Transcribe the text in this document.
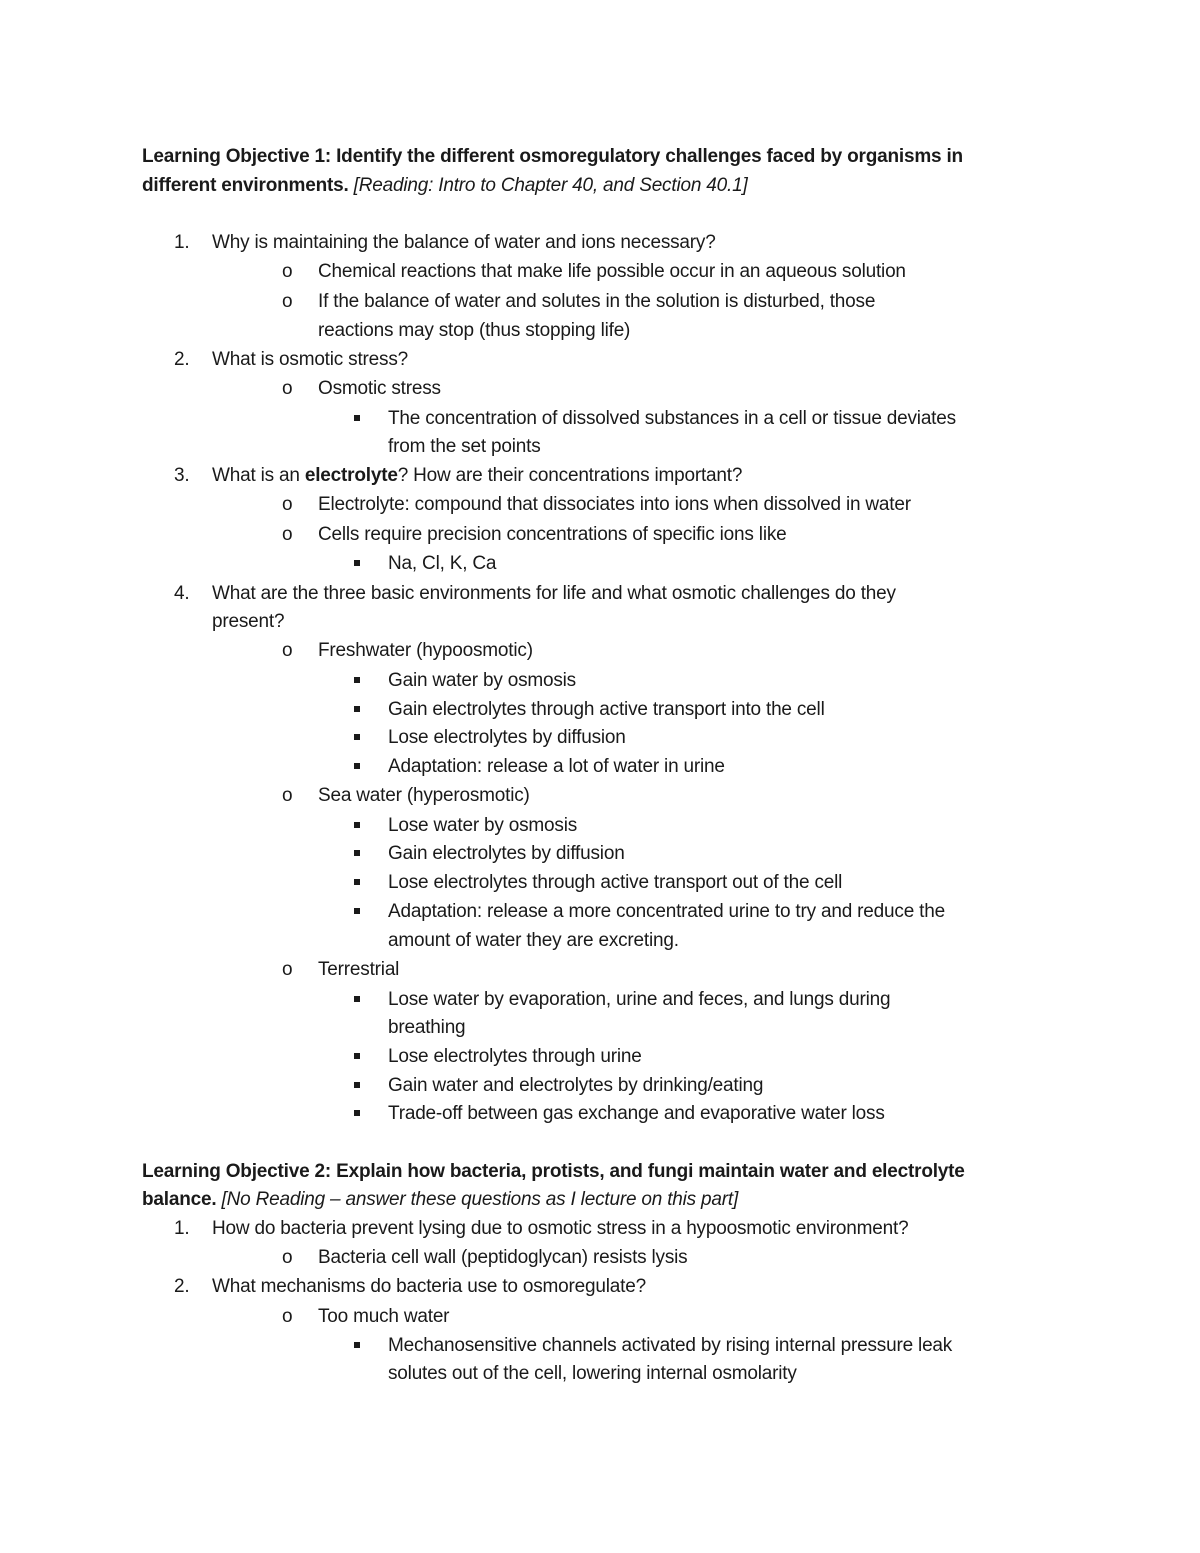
Learning Objective 1: Identify the different osmoregulatory challenges faced by organisms in
different environments. [Reading: Intro to Chapter 40, and Section 40.1]
1. Why is maintaining the balance of water and ions necessary?
o Chemical reactions that make life possible occur in an aqueous solution
o If the balance of water and solutes in the solution is disturbed, those
reactions may stop (thus stopping life)
2. What is osmotic stress?
o Osmotic stress
The concentration of dissolved substances in a cell or tissue deviates
from the set points
3. What is an electrolyte? How are their concentrations important?
o Electrolyte: compound that dissociates into ions when dissolved in water
o Cells require precision concentrations of specific ions like
Na, Cl, K, Ca
4. What are the three basic environments for life and what osmotic challenges do they
present?
o Freshwater (hypoosmotic)
Gain water by osmosis
Gain electrolytes through active transport into the cell
Lose electrolytes by diffusion
Adaptation: release a lot of water in urine
o Sea water (hyperosmotic)
Lose water by osmosis
Gain electrolytes by diffusion
Lose electrolytes through active transport out of the cell
Adaptation: release a more concentrated urine to try and reduce the
amount of water they are excreting.
o Terrestrial
Lose water by evaporation, urine and feces, and lungs during
breathing
Lose electrolytes through urine
Gain water and electrolytes by drinking/eating
Trade-off between gas exchange and evaporative water loss
Learning Objective 2: Explain how bacteria, protists, and fungi maintain water and electrolyte
balance. [No Reading – answer these questions as I lecture on this part]
1. How do bacteria prevent lysing due to osmotic stress in a hypoosmotic environment?
o Bacteria cell wall (peptidoglycan) resists lysis
2. What mechanisms do bacteria use to osmoregulate?
o Too much water
Mechanosensitive channels activated by rising internal pressure leak
solutes out of the cell, lowering internal osmolarity
